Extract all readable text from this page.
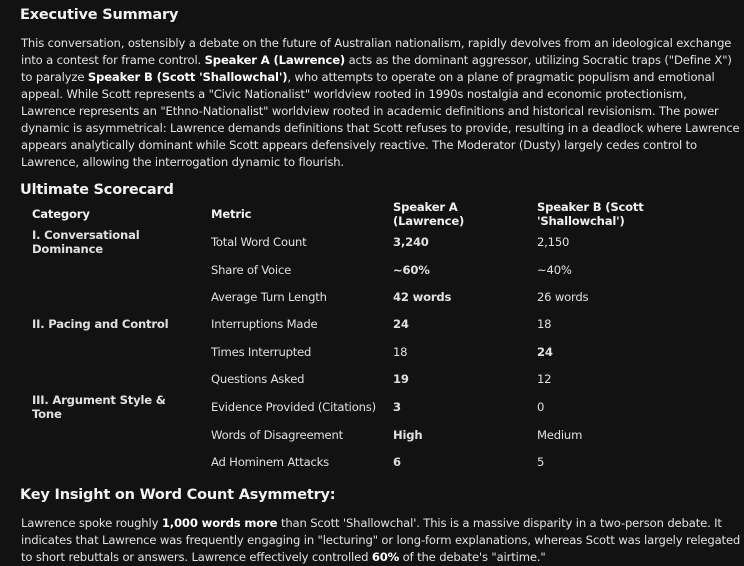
Executive Summary
This conversation, ostensibly a debate on the future of Australian nationalism, rapidly devolves from an ideological exchange into a contest for frame control. Speaker A (Lawrence) acts as the dominant aggressor, utilizing Socratic traps ("Define X") to paralyze Speaker B (Scott 'Shallowchal'), who attempts to operate on a plane of pragmatic populism and emotional appeal. While Scott represents a "Civic Nationalist" worldview rooted in 1990s nostalgia and economic protectionism, Lawrence represents an "Ethno-Nationalist" worldview rooted in academic definitions and historical revisionism. The power dynamic is asymmetrical: Lawrence demands definitions that Scott refuses to provide, resulting in a deadlock where Lawrence appears analytically dominant while Scott appears defensively reactive. The Moderator (Dusty) largely cedes control to Lawrence, allowing the interrogation dynamic to flourish.
Ultimate Scorecard
Category	Metric	Speaker A (Lawrence)	Speaker B (Scott 'Shallowchal')
I. Conversational Dominance	Total Word Count	3,240	2,150
	Share of Voice	~60%	~40%
	Average Turn Length	42 words	26 words
II. Pacing and Control	Interruptions Made	24	18
	Times Interrupted	18	24
	Questions Asked	19	12
III. Argument Style & Tone	Evidence Provided (Citations)	3	0
	Words of Disagreement	High	Medium
	Ad Hominem Attacks	6	5
Key Insight on Word Count Asymmetry:
Lawrence spoke roughly 1,000 words more than Scott 'Shallowchal'. This is a massive disparity in a two-person debate. It indicates that Lawrence was frequently engaging in "lecturing" or long-form explanations, whereas Scott was largely relegated to short rebuttals or answers. Lawrence effectively controlled 60% of the debate's "airtime."
